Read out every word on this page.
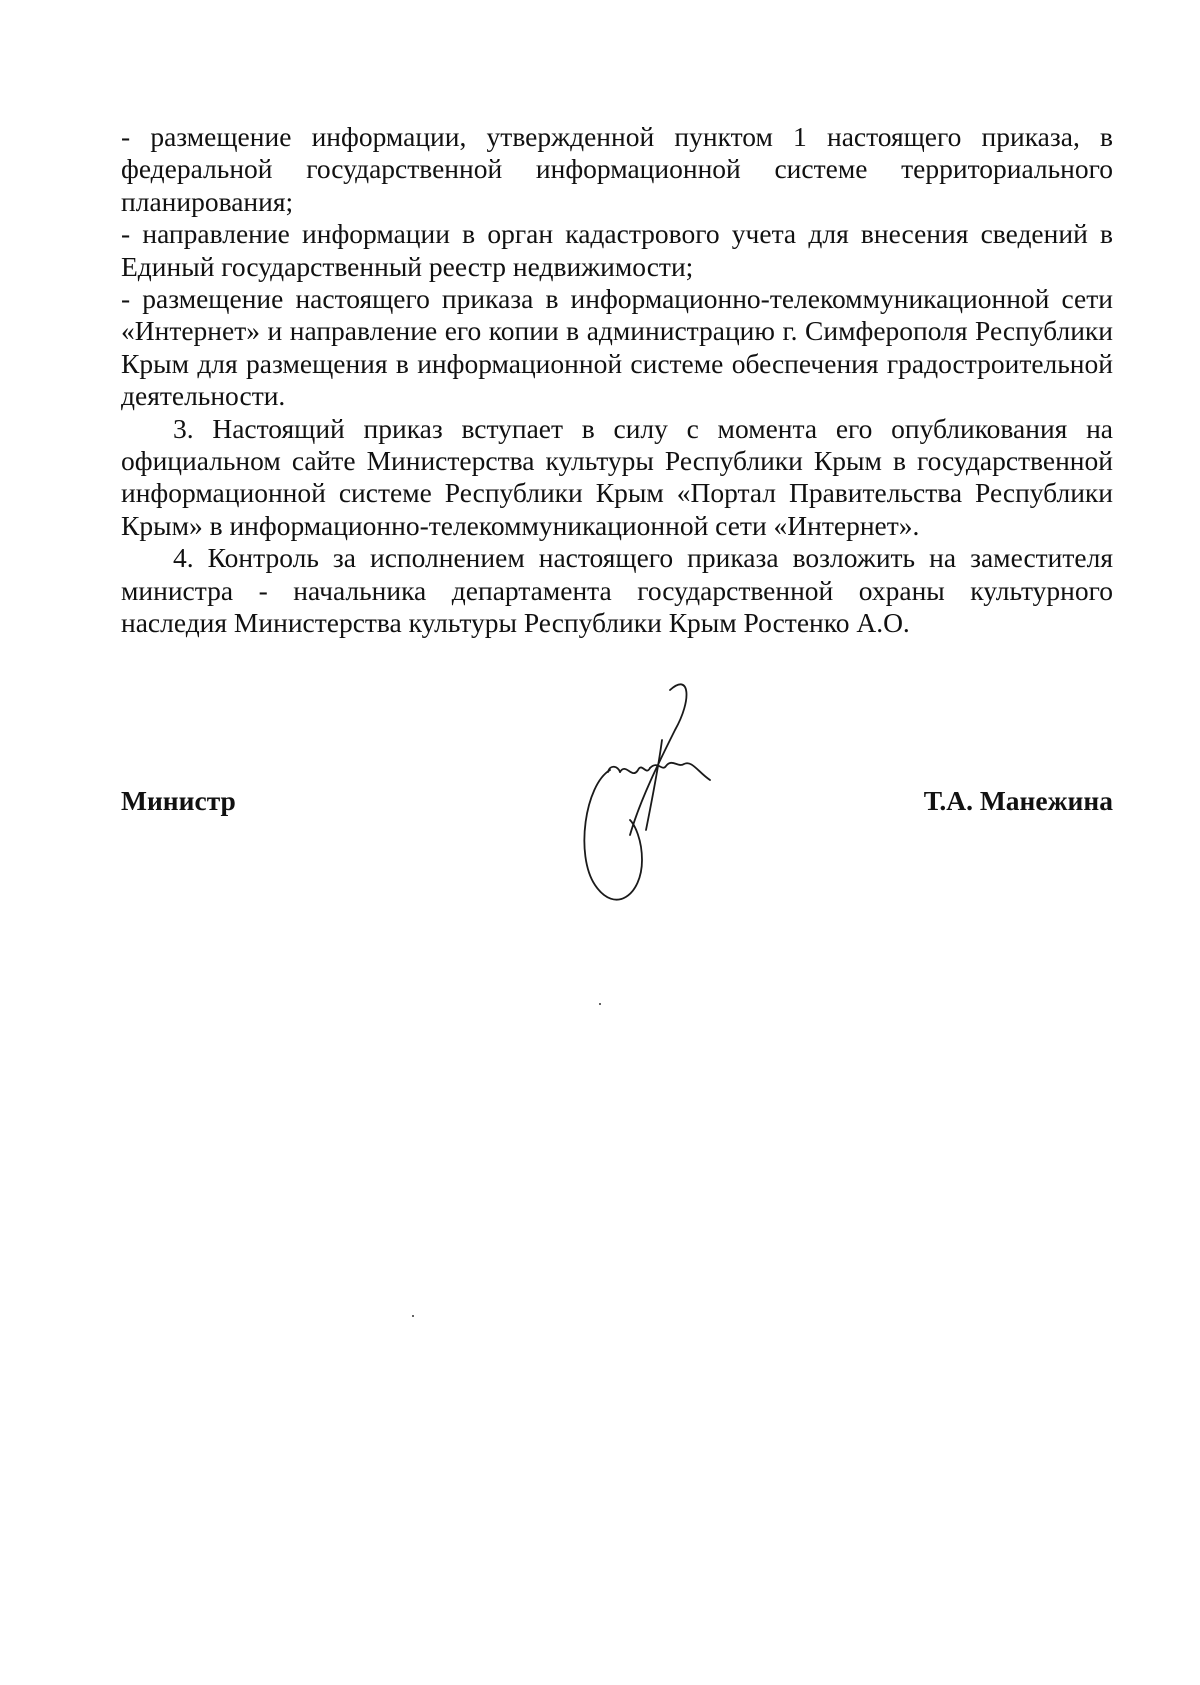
- размещение информации, утвержденной пунктом 1 настоящего приказа, в федеральной государственной информационной системе территориального планирования;

- направление информации в орган кадастрового учета для внесения сведений в Единый государственный реестр недвижимости;

- размещение настоящего приказа в информационно-телекоммуникационной сети «Интернет» и направление его копии в администрацию г. Симферополя Республики Крым для размещения в информационной системе обеспечения градостроительной деятельности.

3. Настоящий приказ вступает в силу с момента его опубликования на официальном сайте Министерства культуры Республики Крым в государственной информационной системе Республики Крым «Портал Правительства Республики Крым» в информационно-телекоммуникационной сети «Интернет».

4. Контроль за исполнением настоящего приказа возложить на заместителя министра - начальника департамента государственной охраны культурного наследия Министерства культуры Республики Крым Ростенко А.О.

Министр	Т.А. Манежина
